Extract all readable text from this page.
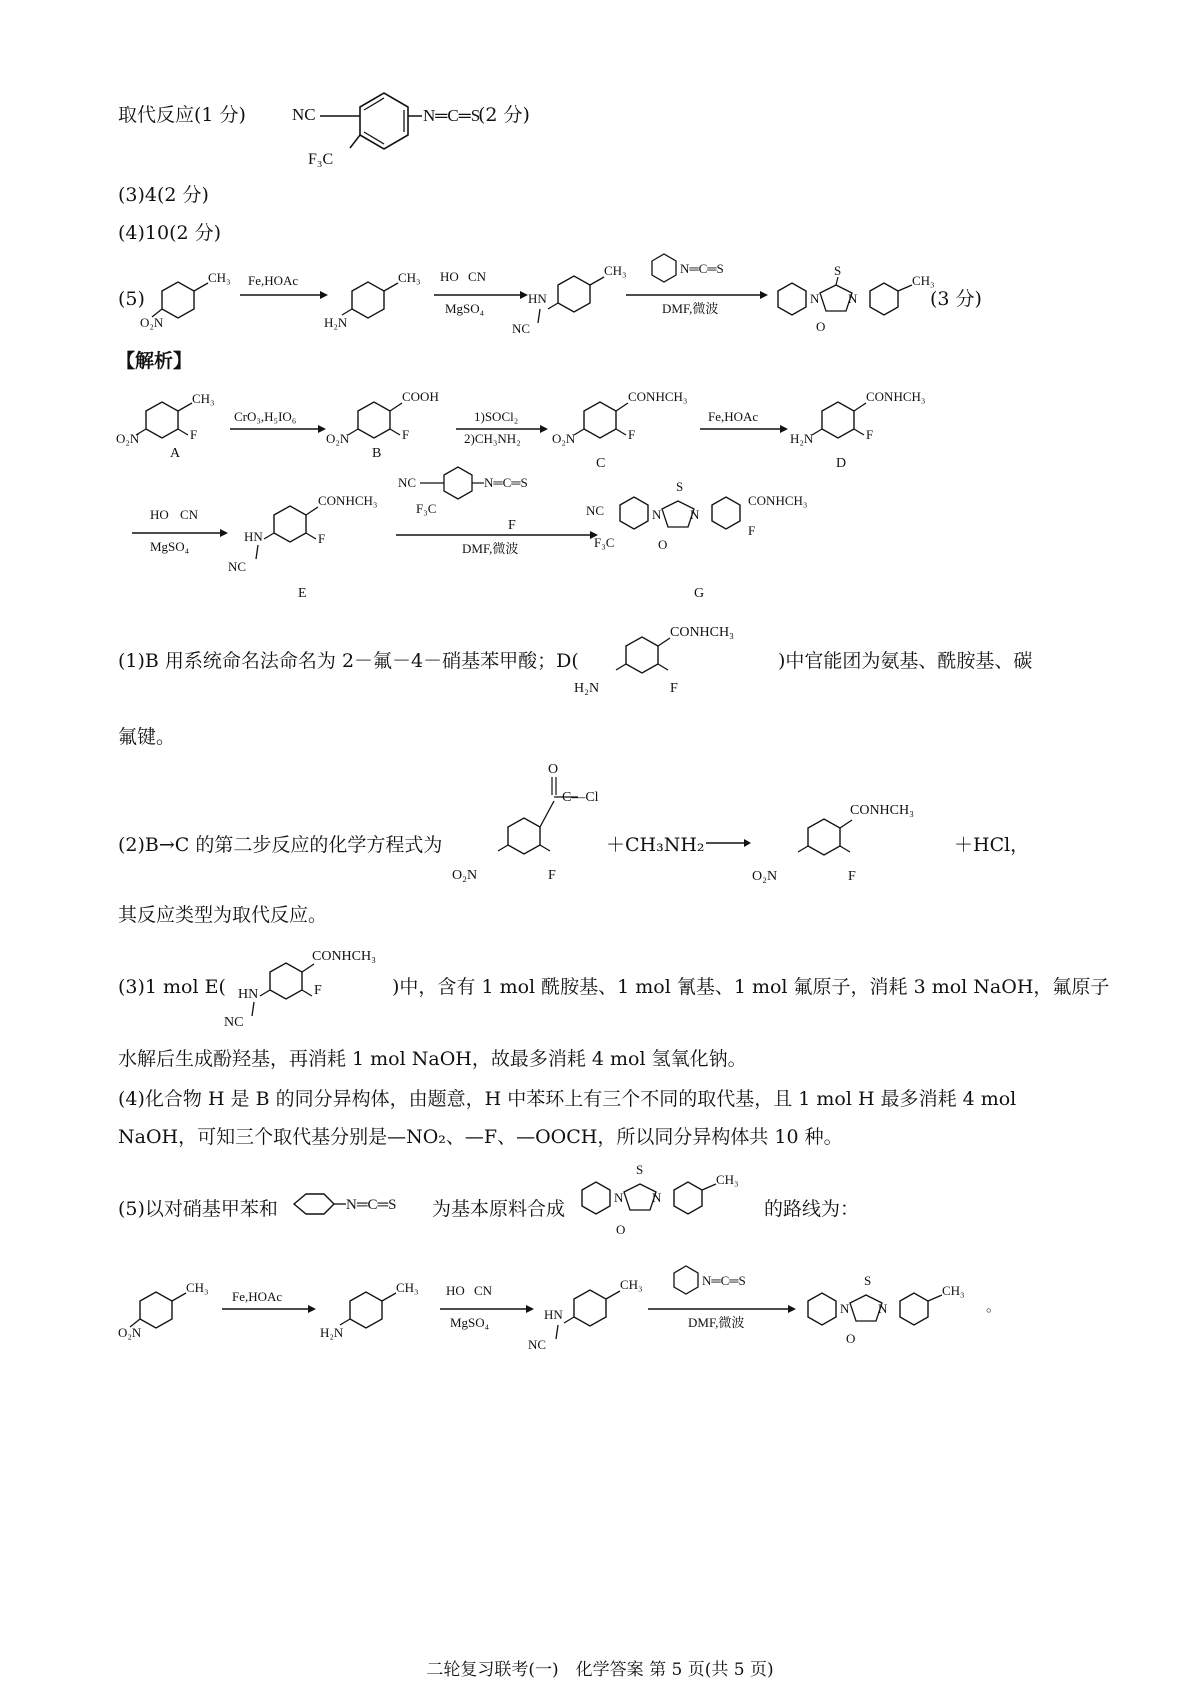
取代反应(1 分)	NC	N═C═S
F₃C
(2 分)
(3)4(2 分)
(4)10(2 分)
(5)
CH₃
O₂N
Fe,HOAc	CH₃
H₂N
HO CN
MgSO₄
CH₃
HN
NC
N═C═S
DMF,微波
N
S
N
O
CH₃
(3 分)
【解析】
CH₃
F
O₂N
A
CrO₃,H₅IO₆
COOH
F
O₂N
B
1)SOCl₂
2)CH₃NH₂
CONHCH₃
F
O₂N
C
Fe,HOAc
CONHCH₃
F
H₂N
D
HO CN
MgSO₄
CONHCH₃
F
HN
NC
E
NC	N═C═S
F₃C
F
DMF,微波
NC
F₃C
N
S
N
O
CONHCH₃
F
G
(1)B 用系统命名法命名为 2－氟－4－硝基苯甲酸；D(
CONHCH₃
F
H₂N
)中官能团为氨基、酰胺基、碳
氟键。
(2)B→C 的第二步反应的化学方程式为
O
C—Cl
F
O₂N
＋CH₃NH₂ →
CONHCH₃
F
O₂N
＋HCl，
其反应类型为取代反应。
(3)1 mol E(
CONHCH₃
F
HN
NC
)中，含有 1 mol 酰胺基、1 mol 氰基、1 mol 氟原子，消耗 3 mol NaOH，氟原子
水解后生成酚羟基，再消耗 1 mol NaOH，故最多消耗 4 mol 氢氧化钠。
(4)化合物 H 是 B 的同分异构体，由题意，H 中苯环上有三个不同的取代基，且 1 mol H 最多消耗 4 mol
NaOH，可知三个取代基分别是—NO₂、—F、—OOCH，所以同分异构体共 10 种。
(5)以对硝基甲苯和	N═C═S 为基本原料合成
N
S
N
O
CH₃
的路线为：
CH₃
O₂N
Fe,HOAc
CH₃
H₂N
HO CN
MgSO₄
CH₃
HN
NC
N═C═S
DMF,微波
N
S
N
O
CH₃
。
二轮复习联考(一)　化学答案 第 5 页(共 5 页)
